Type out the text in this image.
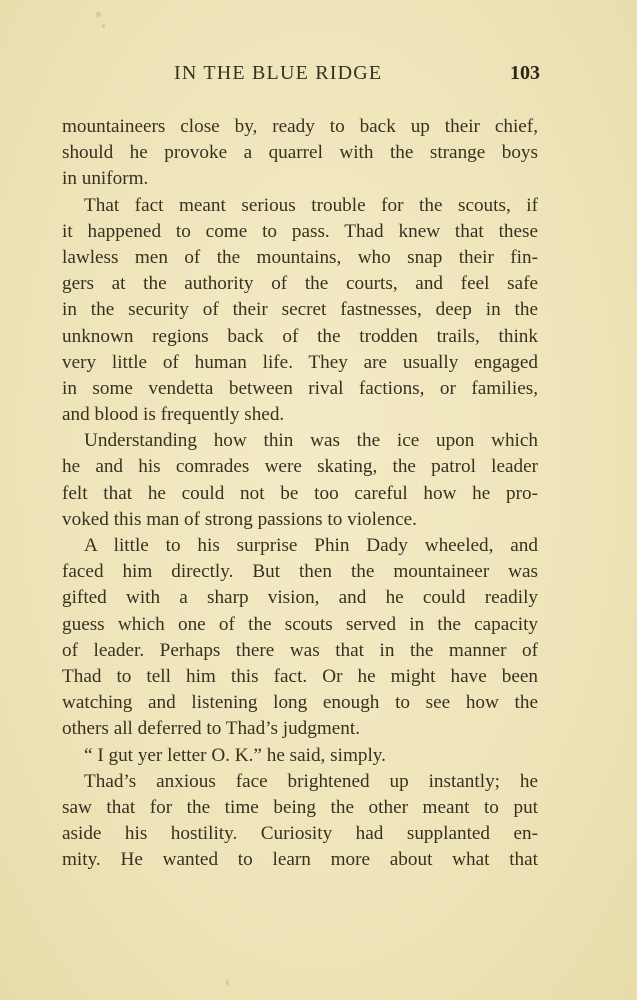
IN THE BLUE RIDGE	103
mountaineers close by, ready to back up their chief,
should he provoke a quarrel with the strange boys
in uniform.
That fact meant serious trouble for the scouts, if
it happened to come to pass. Thad knew that these
lawless men of the mountains, who snap their fin-
gers at the authority of the courts, and feel safe
in the security of their secret fastnesses, deep in the
unknown regions back of the trodden trails, think
very little of human life. They are usually engaged
in some vendetta between rival factions, or families,
and blood is frequently shed.
Understanding how thin was the ice upon which
he and his comrades were skating, the patrol leader
felt that he could not be too careful how he pro-
voked this man of strong passions to violence.
A little to his surprise Phin Dady wheeled, and
faced him directly. But then the mountaineer was
gifted with a sharp vision, and he could readily
guess which one of the scouts served in the capacity
of leader. Perhaps there was that in the manner of
Thad to tell him this fact. Or he might have been
watching and listening long enough to see how the
others all deferred to Thad’s judgment.
“ I gut yer letter O. K.” he said, simply.
Thad’s anxious face brightened up instantly; he
saw that for the time being the other meant to put
aside his hostility. Curiosity had supplanted en-
mity. He wanted to learn more about what that
